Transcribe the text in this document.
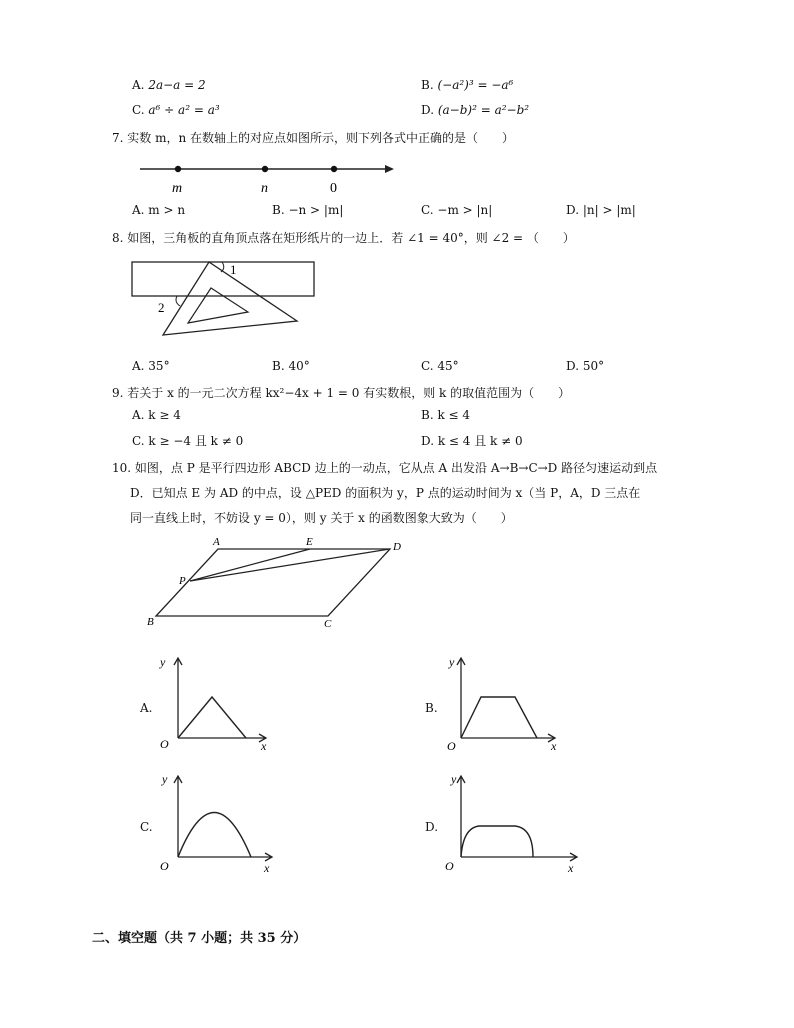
A. 2a−a = 2	B. (−a²)³ = −a⁶
C. a⁶ ÷ a² = a³	D. (a−b)² = a²−b²
7. 实数 m，n 在数轴上的对应点如图所示，则下列各式中正确的是（　　）
m	n	0
A. m > n	B. −n > |m|	C. −m > |n|	D. |n| > |m|
8. 如图，三角板的直角顶点落在矩形纸片的一边上．若 ∠1 = 40°，则 ∠2 = （　　）
1
2
A. 35°	B. 40°	C. 45°	D. 50°
9. 若关于 x 的一元二次方程 kx²−4x + 1 = 0 有实数根，则 k 的取值范围为（　　）
A. k ≥ 4	B. k ≤ 4
C. k ≥ −4 且 k ≠ 0	D. k ≤ 4 且 k ≠ 0
10. 如图，点 P 是平行四边形 ABCD 边上的一动点，它从点 A 出发沿 A→B→C→D 路径匀速运动到点
D．已知点 E 为 AD 的中点，设 △PED 的面积为 y，P 点的运动时间为 x（当 P，A，D 三点在
同一直线上时，不妨设 y = 0），则 y 关于 x 的函数图象大致为（　　）
A	E	D
P
B	C
A.
y
x
O
B.
y
x
O
C.
y
x
O
D.
y
x
O
二、填空题（共 7 小题；共 35 分）
